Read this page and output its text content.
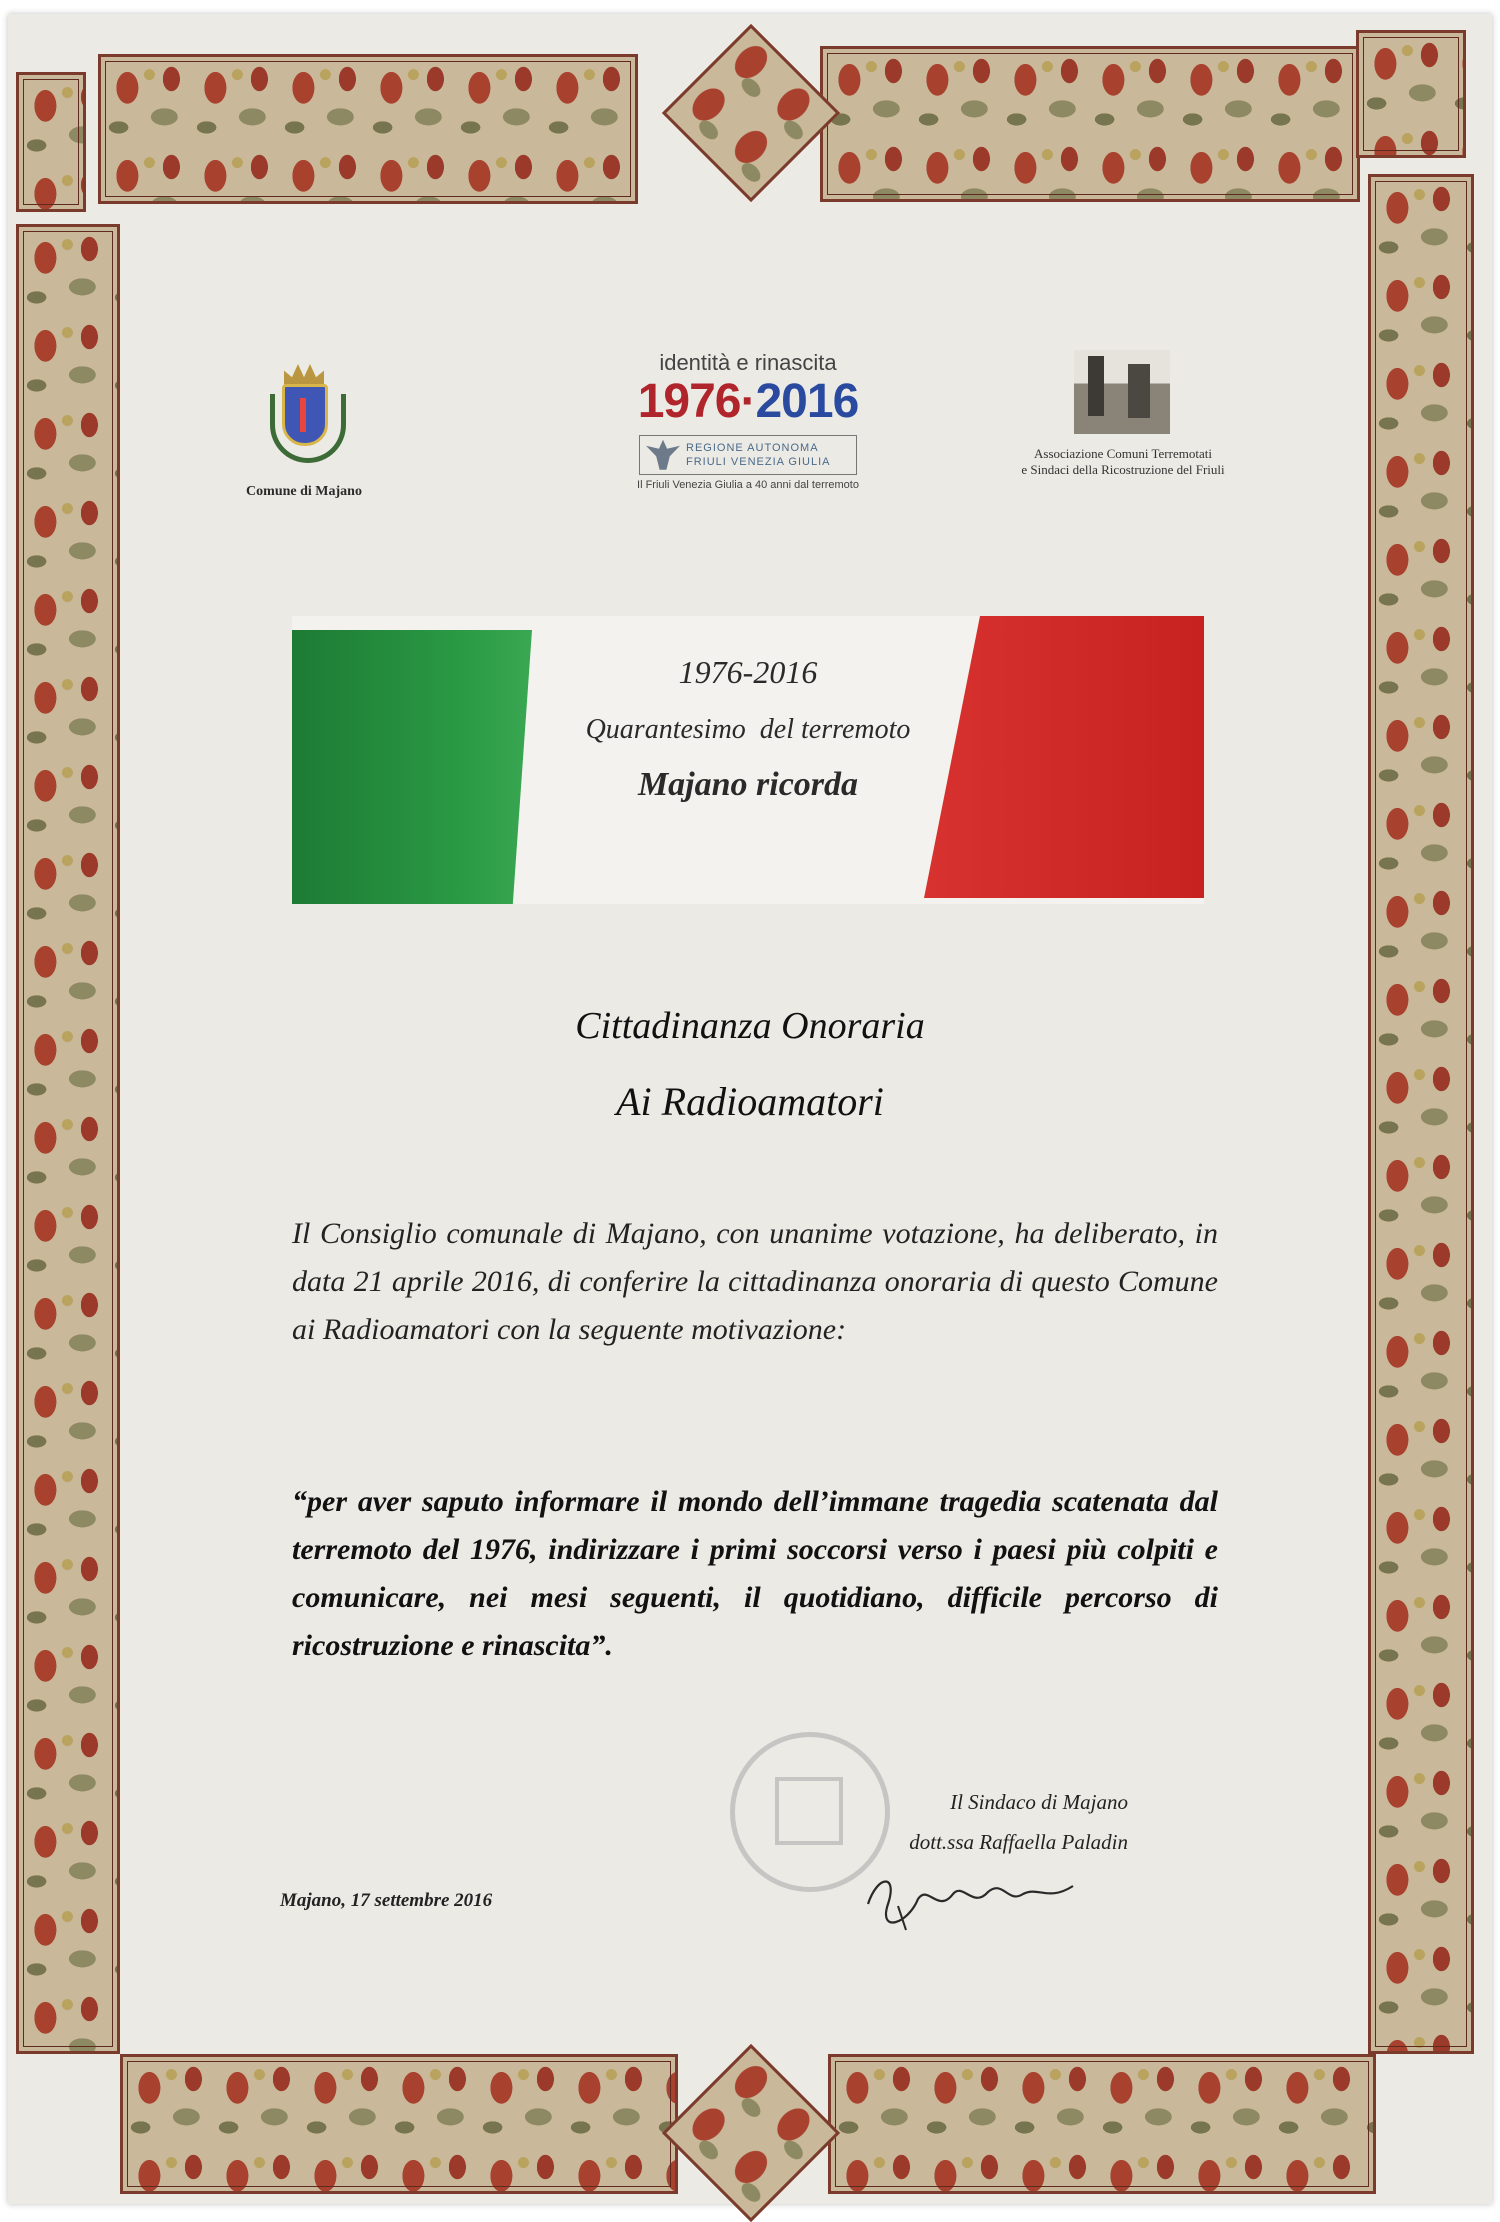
Comune di Majano
identità e rinascita
1976·2016
REGIONE AUTONOMA
FRIULI VENEZIA GIULIA
Il Friuli Venezia Giulia a 40 anni dal terremoto
Associazione Comuni Terremotati
e Sindaci della Ricostruzione del Friuli
1976-2016
Quarantesimo  del terremoto
Majano ricorda
Cittadinanza Onoraria
Ai Radioamatori
Il Consiglio comunale di Majano, con unanime votazione, ha deliberato, in data 21 aprile 2016, di conferire la cittadinanza onoraria di questo Comune ai Radioamatori con la seguente motivazione:
“per aver saputo informare il mondo dell’immane tragedia scatenata dal terremoto del 1976, indirizzare i primi soccorsi verso i paesi più colpiti e comunicare, nei mesi seguenti, il quotidiano, difficile percorso di ricostruzione e rinascita”.
Il Sindaco di Majano
dott.ssa Raffaella Paladin
Majano, 17 settembre 2016
